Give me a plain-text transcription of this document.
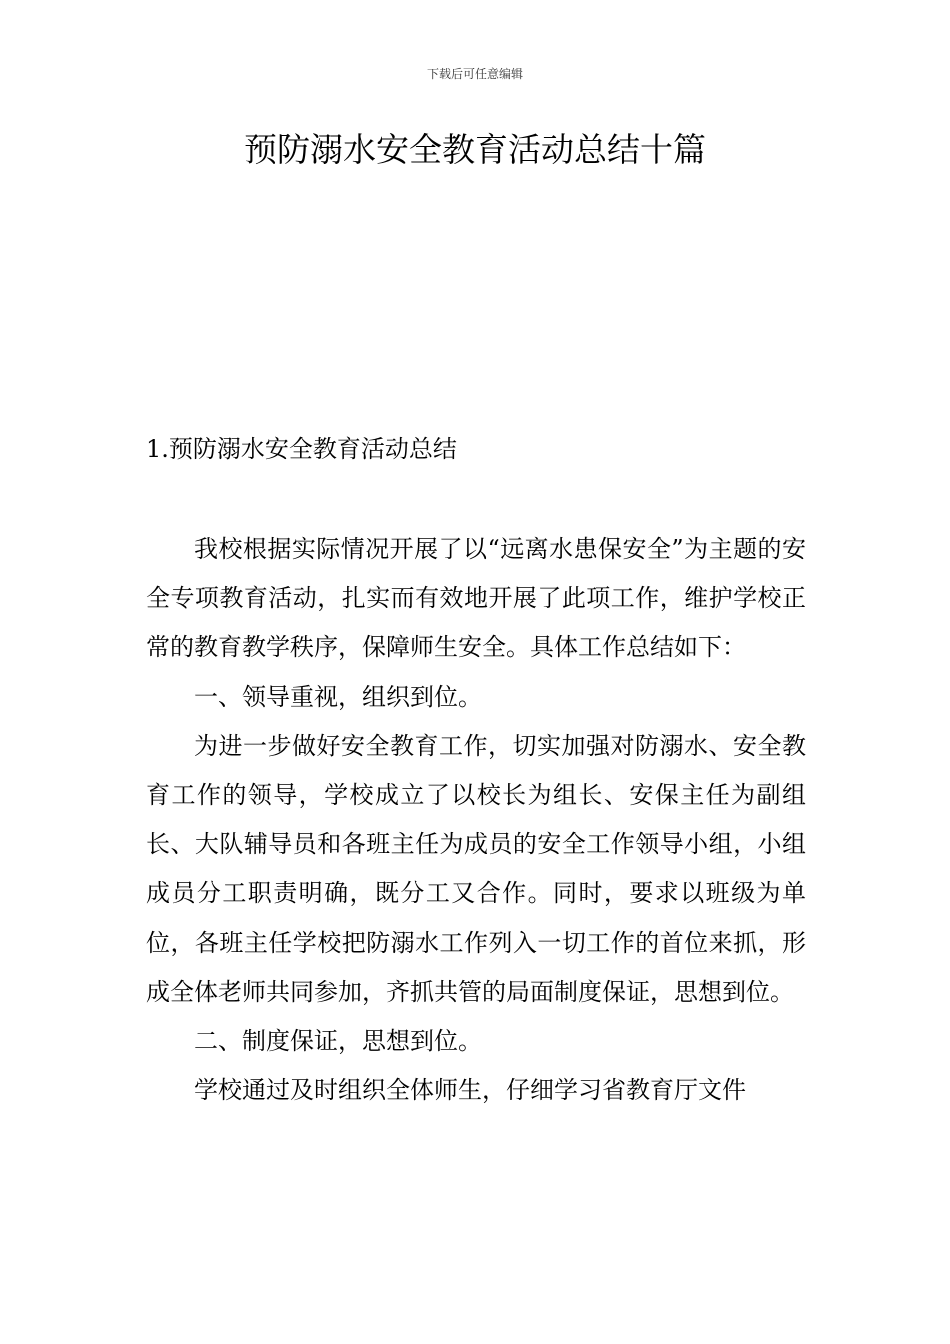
下载后可任意编辑
预防溺水安全教育活动总结十篇
1.预防溺水安全教育活动总结

我校根据实际情况开展了以“远离水患保安全”为主题的安全专项教育活动，扎实而有效地开展了此项工作，维护学校正常的教育教学秩序，保障师生安全。具体工作总结如下：

一、领导重视，组织到位。

为进一步做好安全教育工作，切实加强对防溺水、安全教育工作的领导，学校成立了以校长为组长、安保主任为副组长、大队辅导员和各班主任为成员的安全工作领导小组，小组成员分工职责明确，既分工又合作。同时，要求以班级为单位，各班主任学校把防溺水工作列入一切工作的首位来抓，形成全体老师共同参加，齐抓共管的局面制度保证，思想到位。

二、制度保证，思想到位。

学校通过及时组织全体师生，仔细学习省教育厅文件
